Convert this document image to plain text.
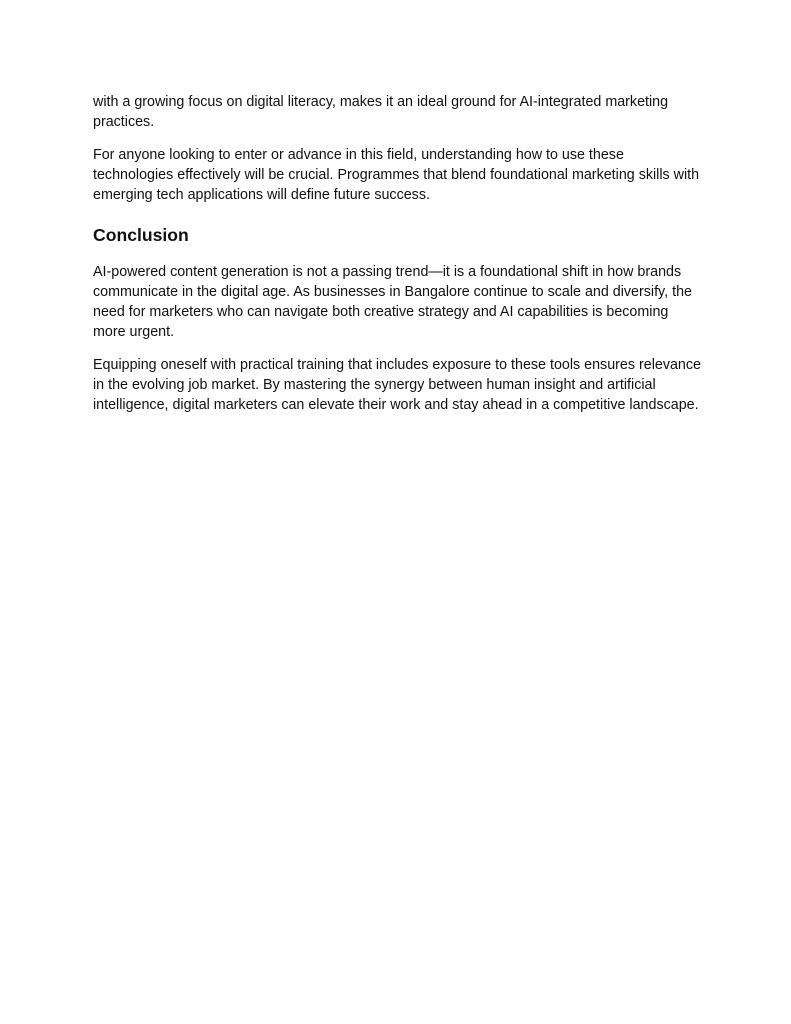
with a growing focus on digital literacy, makes it an ideal ground for AI-integrated marketing
practices.

For anyone looking to enter or advance in this field, understanding how to use these
technologies effectively will be crucial. Programmes that blend foundational marketing skills with
emerging tech applications will define future success.

Conclusion

AI-powered content generation is not a passing trend—it is a foundational shift in how brands
communicate in the digital age. As businesses in Bangalore continue to scale and diversify, the
need for marketers who can navigate both creative strategy and AI capabilities is becoming
more urgent.

Equipping oneself with practical training that includes exposure to these tools ensures relevance
in the evolving job market. By mastering the synergy between human insight and artificial
intelligence, digital marketers can elevate their work and stay ahead in a competitive landscape.
